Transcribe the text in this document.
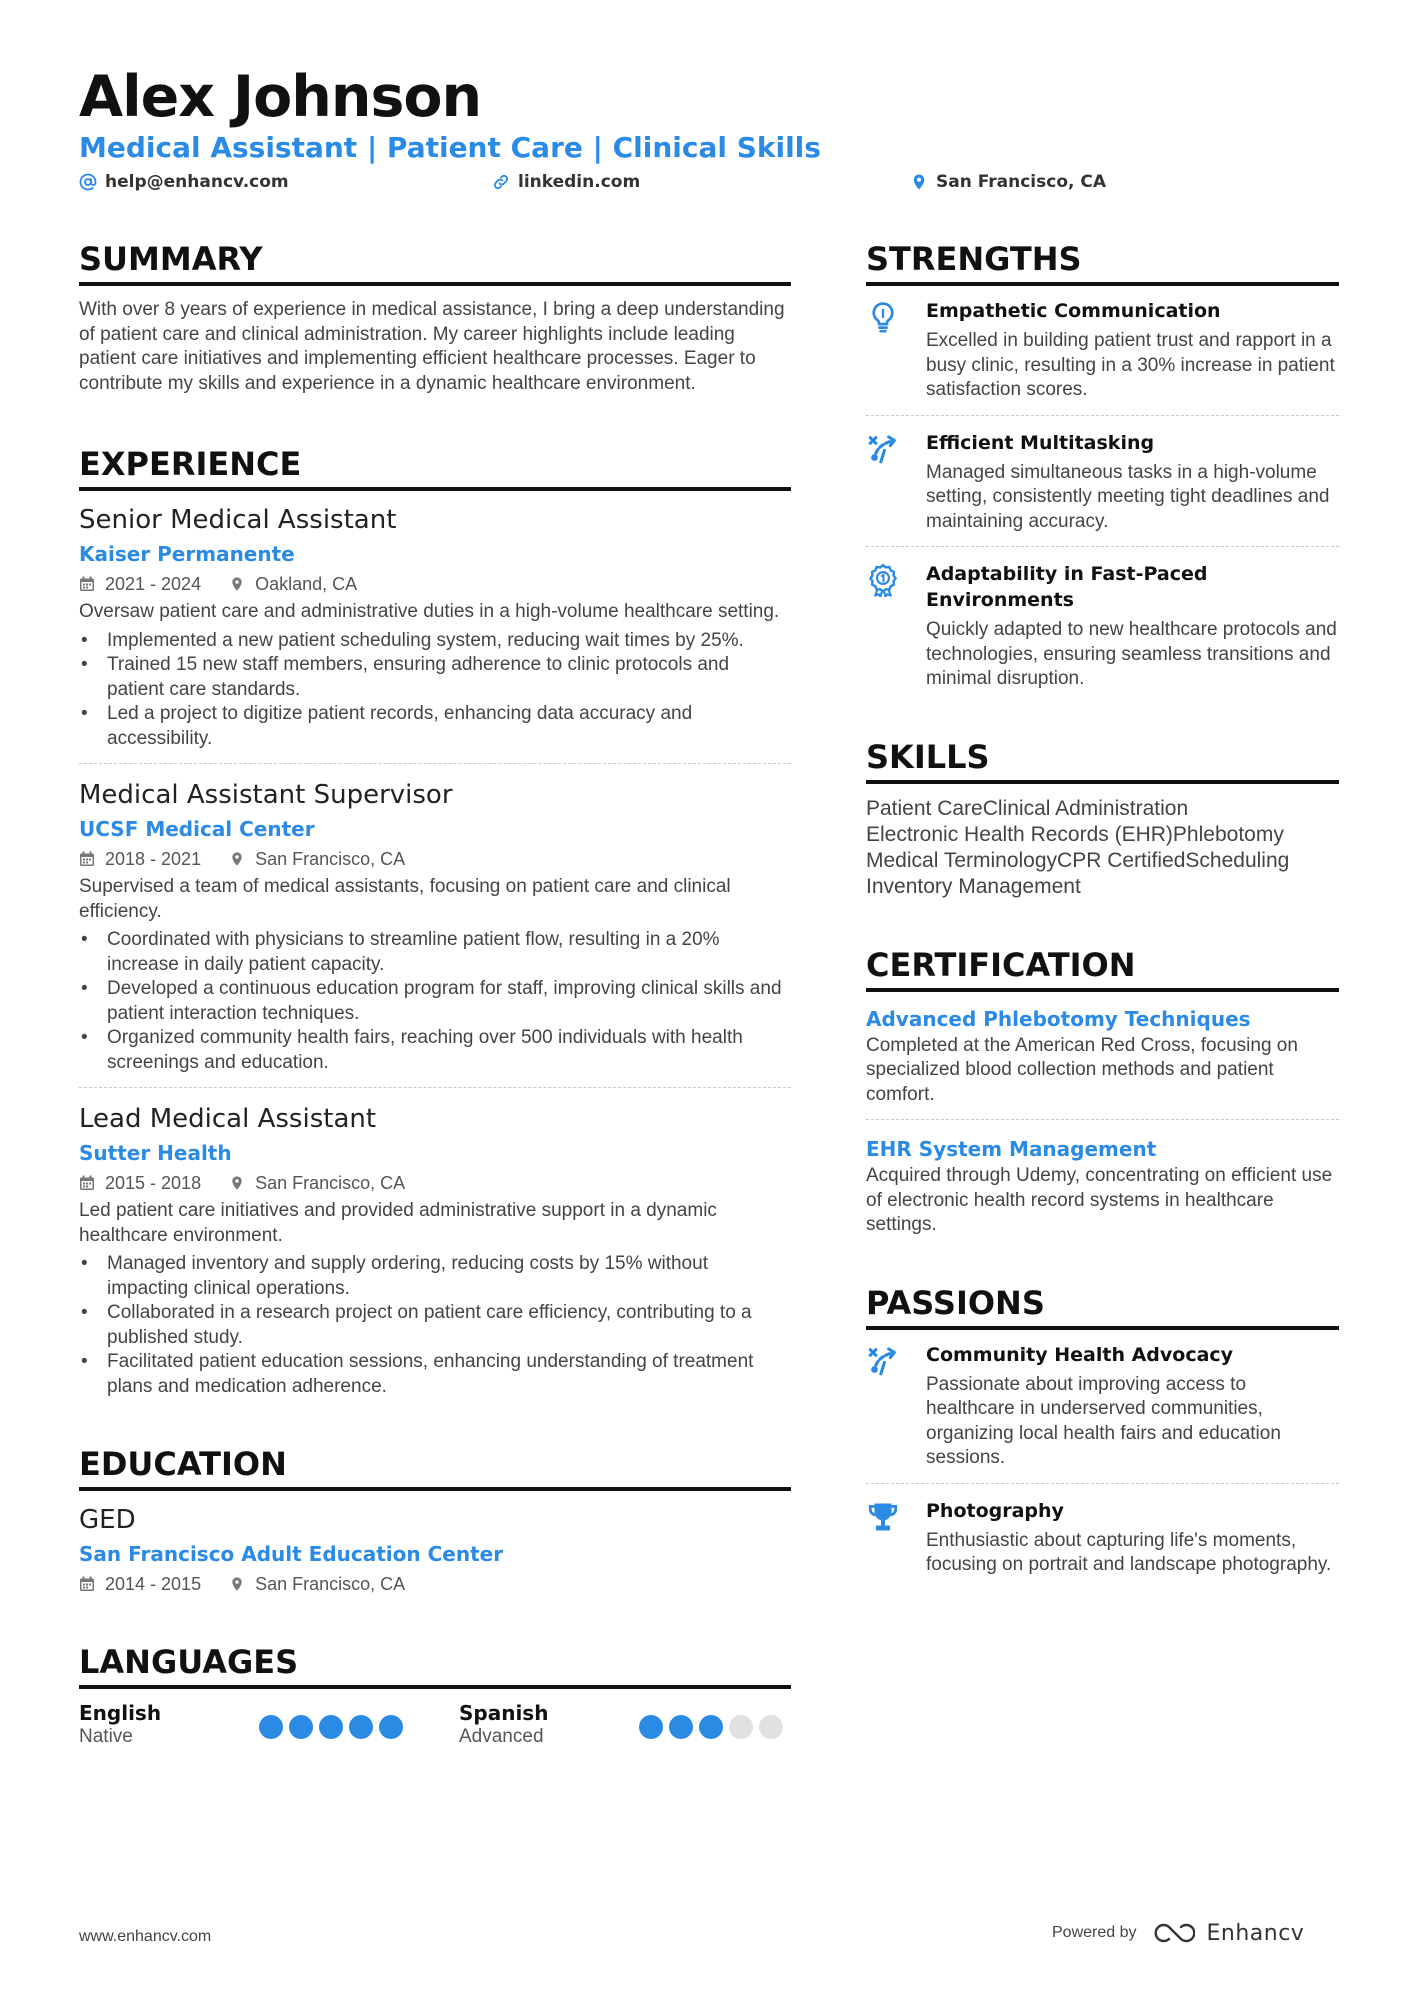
Alex Johnson
Medical Assistant | Patient Care | Clinical Skills
help@enhancv.com	linkedin.com	San Francisco, CA
SUMMARY
With over 8 years of experience in medical assistance, I bring a deep understanding of patient care and clinical administration. My career highlights include leading patient care initiatives and implementing efficient healthcare processes. Eager to contribute my skills and experience in a dynamic healthcare environment.
EXPERIENCE
Senior Medical Assistant
Kaiser Permanente
2021 - 2024	Oakland, CA
Oversaw patient care and administrative duties in a high-volume healthcare setting.
• Implemented a new patient scheduling system, reducing wait times by 25%.
• Trained 15 new staff members, ensuring adherence to clinic protocols and patient care standards.
• Led a project to digitize patient records, enhancing data accuracy and accessibility.
Medical Assistant Supervisor
UCSF Medical Center
2018 - 2021	San Francisco, CA
Supervised a team of medical assistants, focusing on patient care and clinical efficiency.
• Coordinated with physicians to streamline patient flow, resulting in a 20% increase in daily patient capacity.
• Developed a continuous education program for staff, improving clinical skills and patient interaction techniques.
• Organized community health fairs, reaching over 500 individuals with health screenings and education.
Lead Medical Assistant
Sutter Health
2015 - 2018	San Francisco, CA
Led patient care initiatives and provided administrative support in a dynamic healthcare environment.
• Managed inventory and supply ordering, reducing costs by 15% without impacting clinical operations.
• Collaborated in a research project on patient care efficiency, contributing to a published study.
• Facilitated patient education sessions, enhancing understanding of treatment plans and medication adherence.
EDUCATION
GED
San Francisco Adult Education Center
2014 - 2015	San Francisco, CA
LANGUAGES
English
Native
Spanish
Advanced
STRENGTHS
Empathetic Communication
Excelled in building patient trust and rapport in a busy clinic, resulting in a 30% increase in patient satisfaction scores.
Efficient Multitasking
Managed simultaneous tasks in a high-volume setting, consistently meeting tight deadlines and maintaining accuracy.
Adaptability in Fast-Paced Environments
Quickly adapted to new healthcare protocols and technologies, ensuring seamless transitions and minimal disruption.
SKILLS
Patient CareClinical Administration
Electronic Health Records (EHR)Phlebotomy
Medical TerminologyCPR CertifiedScheduling
Inventory Management
CERTIFICATION
Advanced Phlebotomy Techniques
Completed at the American Red Cross, focusing on specialized blood collection methods and patient comfort.
EHR System Management
Acquired through Udemy, concentrating on efficient use of electronic health record systems in healthcare settings.
PASSIONS
Community Health Advocacy
Passionate about improving access to healthcare in underserved communities, organizing local health fairs and education sessions.
Photography
Enthusiastic about capturing life's moments, focusing on portrait and landscape photography.
www.enhancv.com	Powered by	Enhancv
